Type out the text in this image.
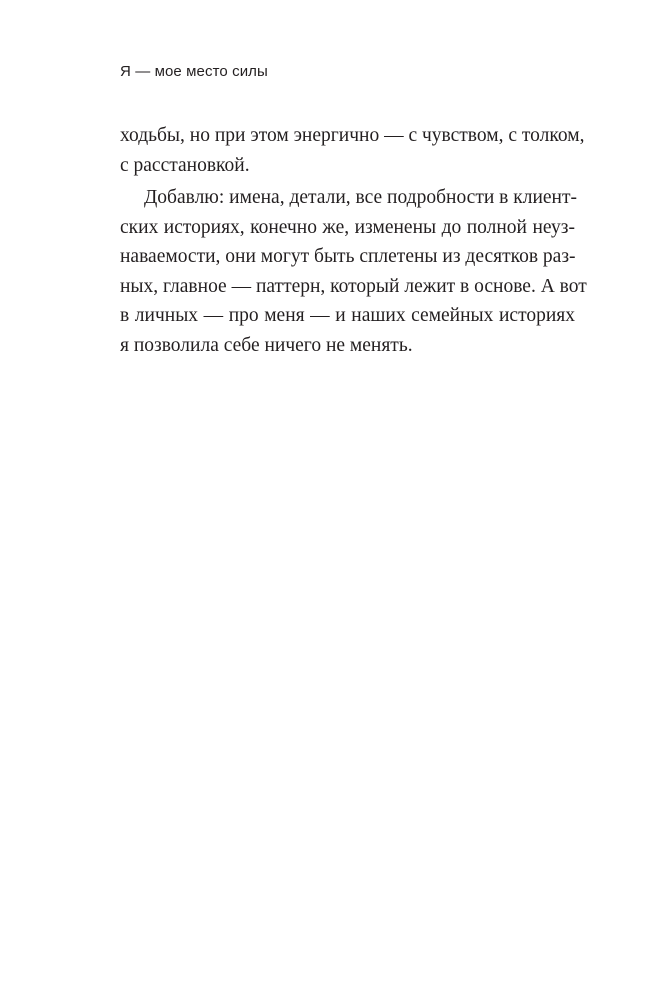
Я — мое место силы
ходьбы, но при этом энергично — с чувством, с толком,
с расстановкой.
Добавлю: имена, детали, все подробности в клиент-
ских историях, конечно же, изменены до полной неуз-
наваемости, они могут быть сплетены из десятков раз-
ных, главное — паттерн, который лежит в основе. А вот
в личных — про меня — и наших семейных историях
я позволила себе ничего не менять.
